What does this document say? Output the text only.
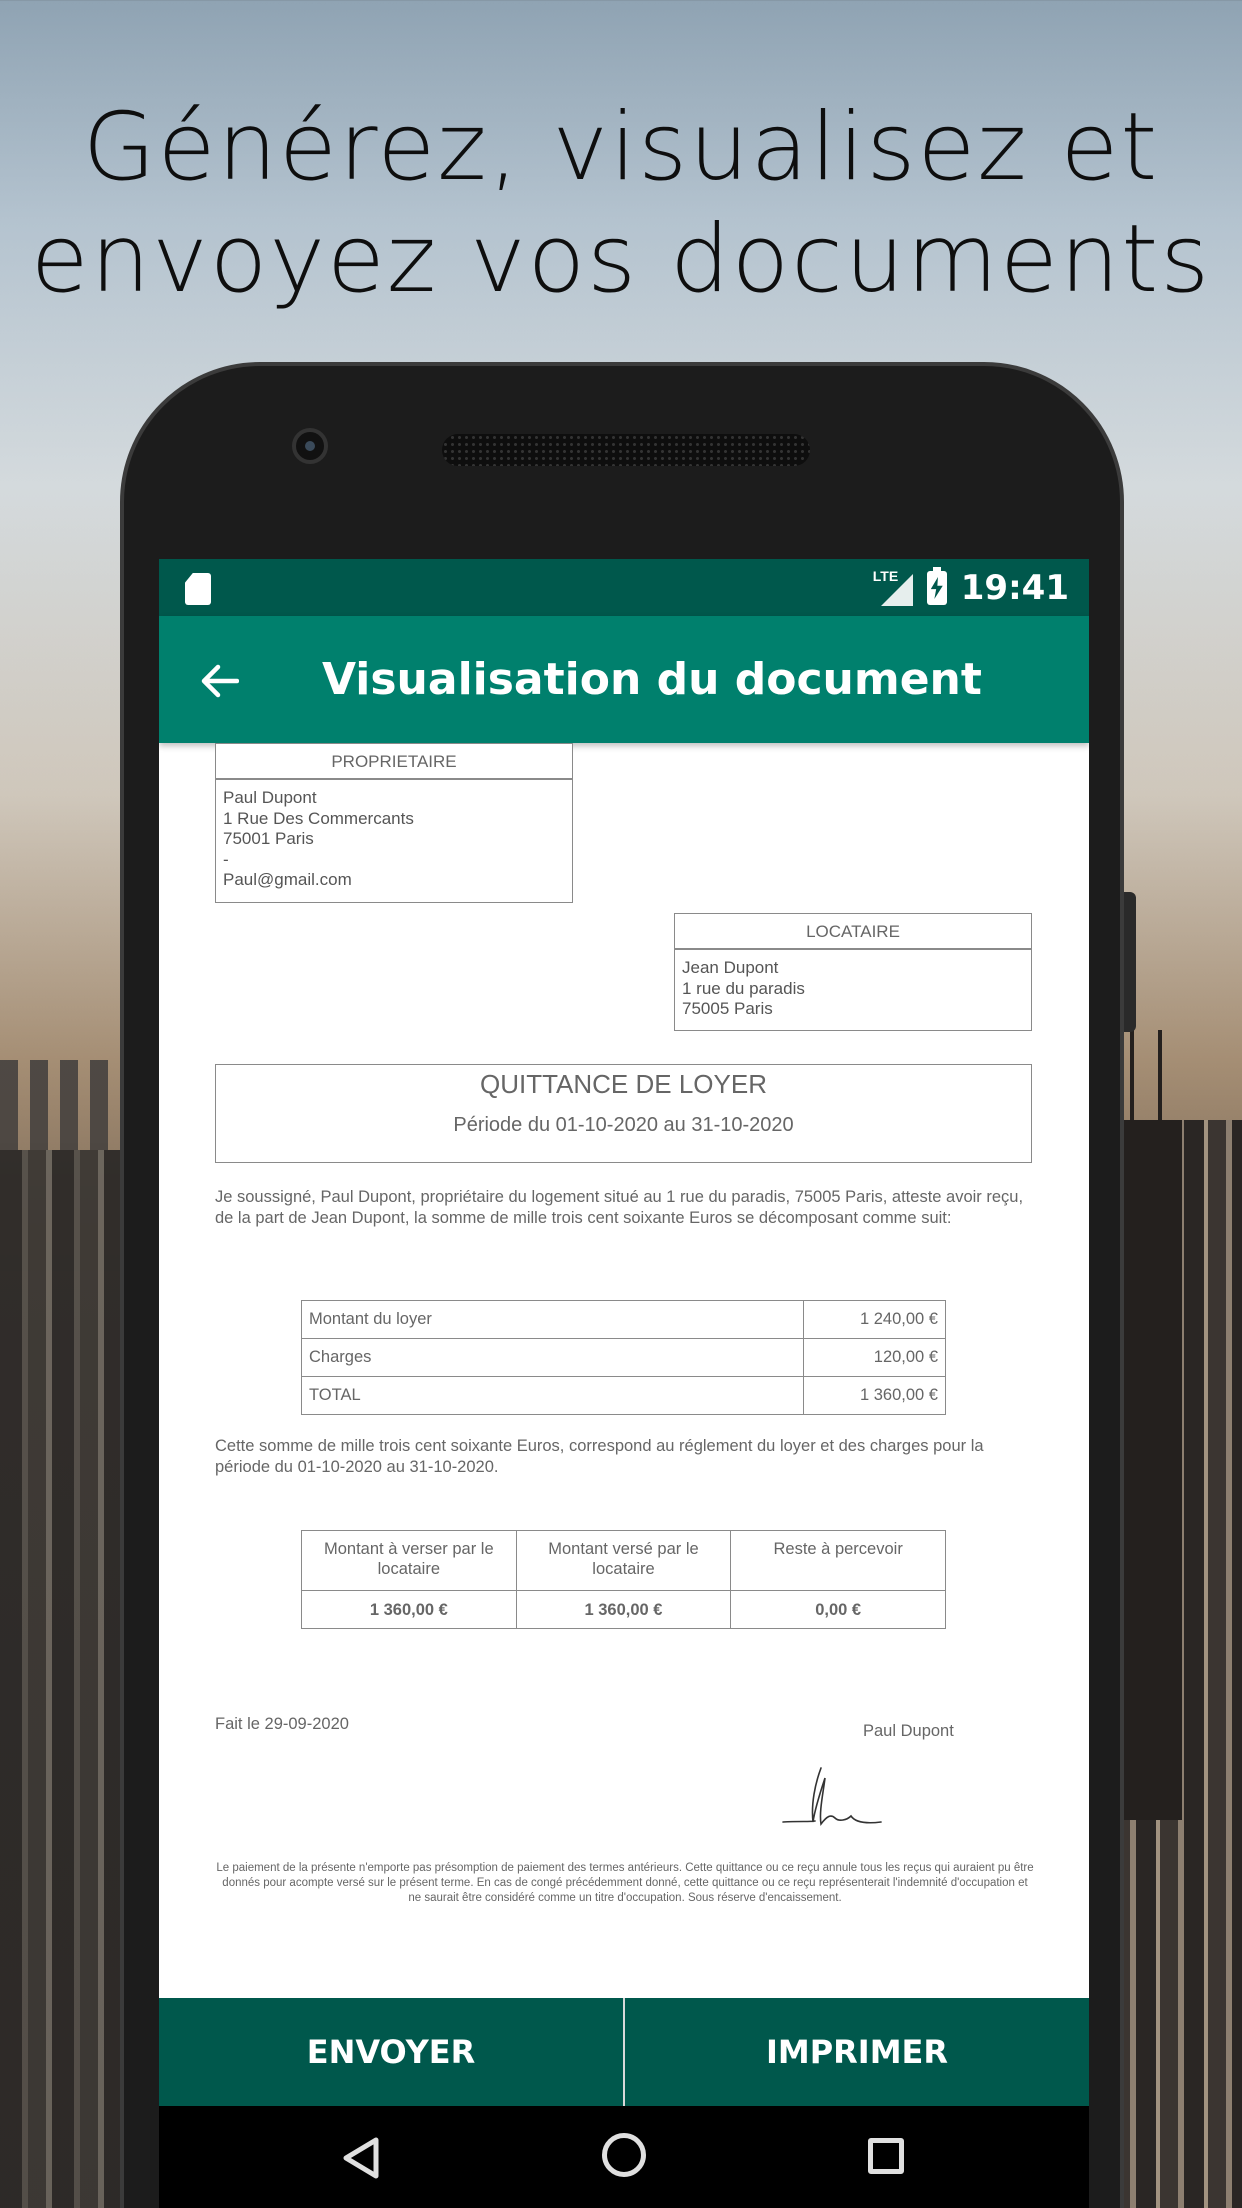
Générez, visualisez et
envoyez vos documents
LTE 19:41
Visualisation du document
PROPRIETAIRE
Paul Dupont
1 Rue Des Commercants
75001 Paris
-
Paul@gmail.com
LOCATAIRE
Jean Dupont
1 rue du paradis
75005 Paris
QUITTANCE DE LOYER
Période du 01-10-2020 au 31-10-2020

Je soussigné, Paul Dupont, propriétaire du logement situé au 1 rue du paradis, 75005 Paris, atteste avoir reçu, de la part de Jean Dupont, la somme de mille trois cent soixante Euros se décomposant comme suit:

Montant du loyer	1 240,00 €
Charges	120,00 €
TOTAL	1 360,00 €

Cette somme de mille trois cent soixante Euros, correspond au réglement du loyer et des charges pour la période du 01-10-2020 au 31-10-2020.

Montant à verser par le locataire	Montant versé par le locataire	Reste à percevoir
1 360,00 €	1 360,00 €	0,00 €
Fait le 29-09-2020	Paul Dupont

Le paiement de la présente n'emporte pas présomption de paiement des termes antérieurs. Cette quittance ou ce reçu annule tous les reçus qui auraient pu être donnés pour acompte versé sur le présent terme. En cas de congé précédemment donné, cette quittance ou ce reçu représenterait l'indemnité d'occupation et ne saurait être considéré comme un titre d'occupation. Sous réserve d'encaissement.

ENVOYER	IMPRIMER
